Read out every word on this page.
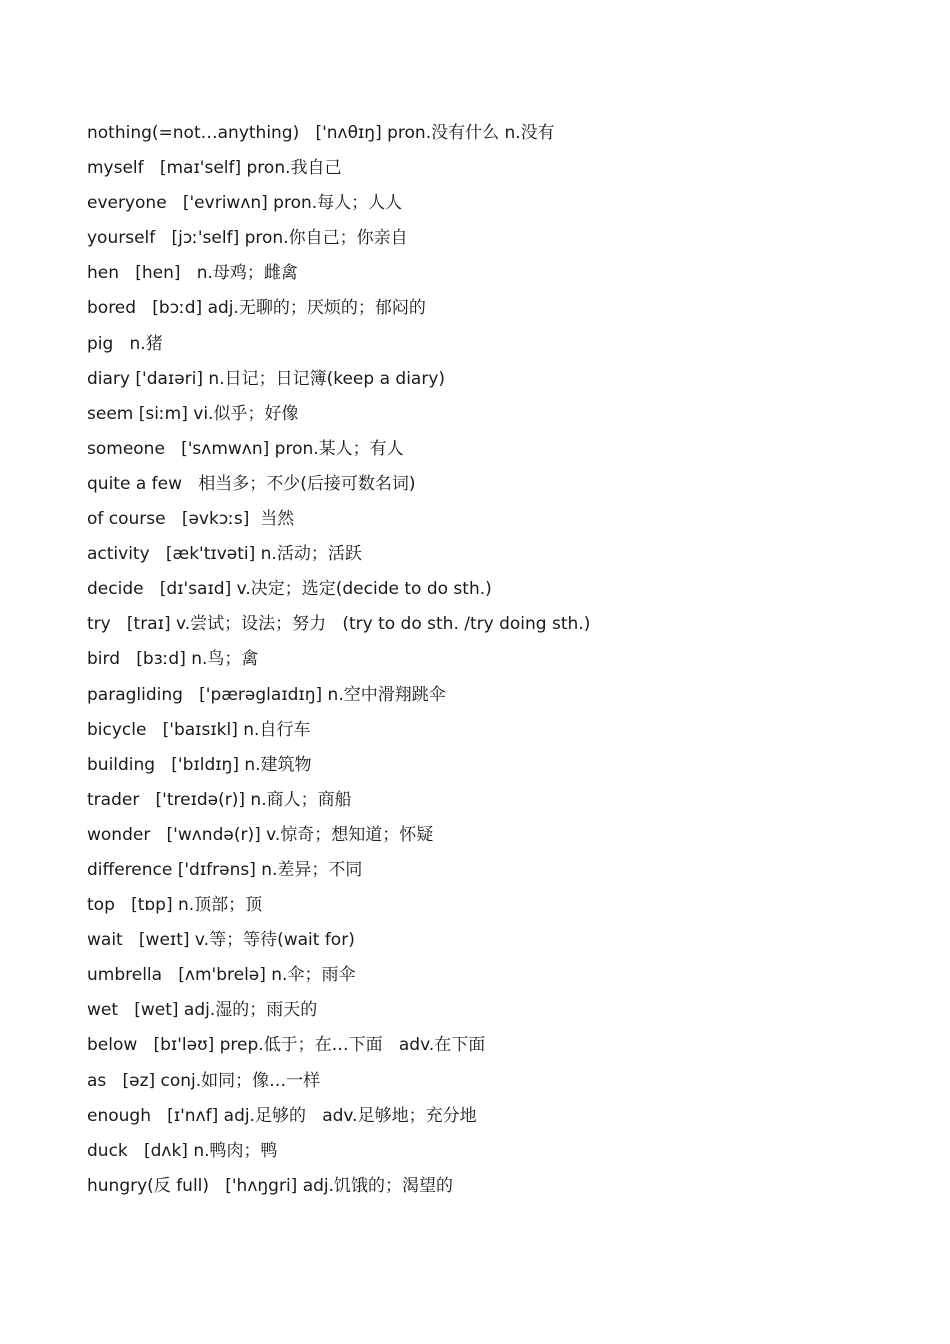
nothing(=not…anything)   ['nʌθɪŋ] pron.没有什么 n.没有
myself   [maɪ'self] pron.我自己
everyone   ['evriwʌn] pron.每人；人人
yourself   [jɔː'self] pron.你自己；你亲自
hen   [hen]   n.母鸡；雌禽
bored   [bɔːd] adj.无聊的；厌烦的；郁闷的
pig   n.猪
diary ['daɪəri] n.日记；日记簿(keep a diary)
seem [siːm] vi.似乎；好像
someone   ['sʌmwʌn] pron.某人；有人
quite a few   相当多；不少(后接可数名词)
of course   [əvkɔːs]  当然
activity   [æk'tɪvəti] n.活动；活跃
decide   [dɪ'saɪd] v.决定；选定(decide to do sth.)
try   [traɪ] v.尝试；设法；努力   (try to do sth. /try doing sth.)
bird   [bɜːd] n.鸟；禽
paragliding   ['pærəglaɪdɪŋ] n.空中滑翔跳伞
bicycle   ['baɪsɪkl] n.自行车
building   ['bɪldɪŋ] n.建筑物
trader   ['treɪdə(r)] n.商人；商船
wonder   ['wʌndə(r)] v.惊奇；想知道；怀疑
difference ['dɪfrəns] n.差异；不同
top   [tɒp] n.顶部；顶
wait   [weɪt] v.等；等待(wait for)
umbrella   [ʌm'brelə] n.伞；雨伞
wet   [wet] adj.湿的；雨天的
below   [bɪ'ləʊ] prep.低于；在…下面   adv.在下面
as   [əz] conj.如同；像…一样
enough   [ɪ'nʌf] adj.足够的   adv.足够地；充分地
duck   [dʌk] n.鸭肉；鸭
hungry(反 full)   ['hʌŋgri] adj.饥饿的；渴望的
